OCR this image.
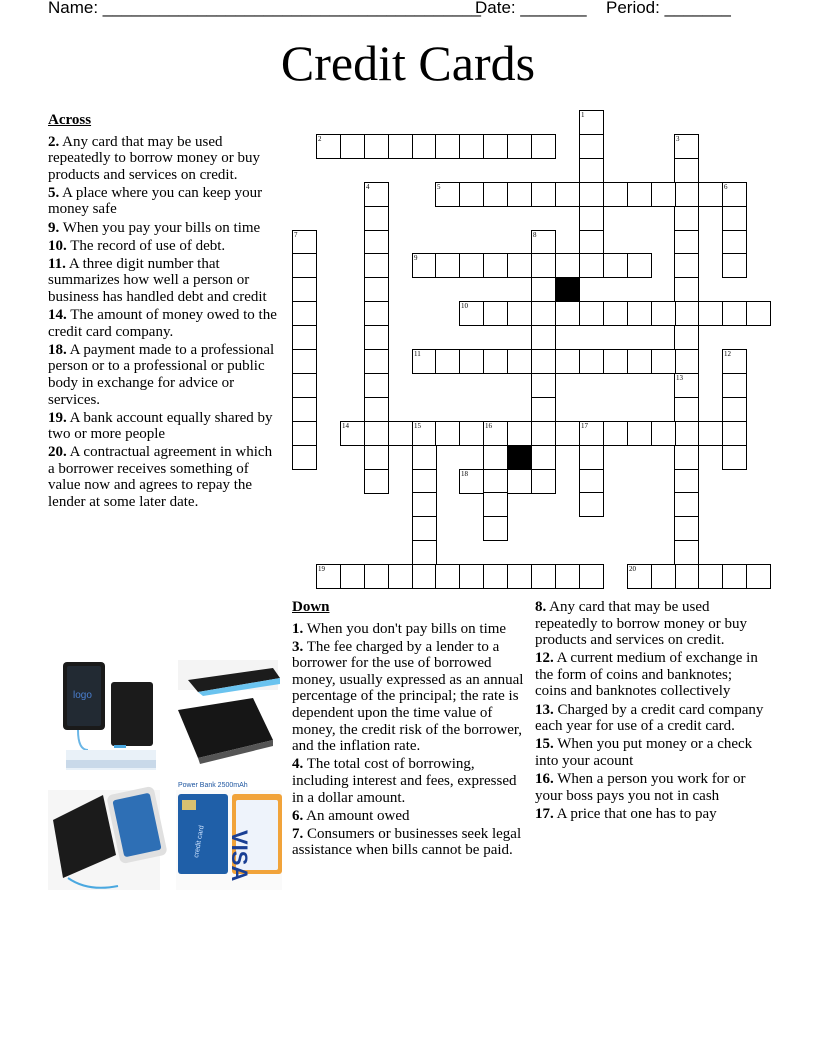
Name: ________________________________________
Date: _______ Period: _______
Credit Cards
2
1
3
13
4	5	6
7	8
9
10
11	12
14	15	16	17
18
19	20
Across
2. Any card that may be used repeatedly to borrow money or buy products and services on credit.
5. A place where you can keep your money safe
9. When you pay your bills on time
10. The record of use of debt.
11. A three digit number that summarizes how well a person or business has handled debt and credit
14. The amount of money owed to the credit card company.
18. A payment made to a professional person or to a professional or public body in exchange for advice or services.
19. A bank account equally shared by two or more people
20. A contractual agreement in which a borrower receives something of value now and agrees to repay the lender at some later date.
Down
1. When you don't pay bills on time
3. The fee charged by a lender to a borrower for the use of borrowed money, usually expressed as an annual percentage of the principal; the rate is dependent upon the time value of money, the credit risk of the borrower, and the inflation rate.
4. The total cost of borrowing, including interest and fees, expressed in a dollar amount.
6. An amount owed
7. Consumers or businesses seek legal assistance when bills cannot be paid.
8. Any card that may be used repeatedly to borrow money or buy products and services on credit.
12. A current medium of exchange in the form of coins and banknotes; coins and banknotes collectively
13. Charged by a credit card company each year for use of a credit card.
15. When you put money or a check into your acount
16. When a person you work for or your boss pays you not in cash
17. A price that one has to pay
logo
Power Bank 2500mAh
credit card VISA
